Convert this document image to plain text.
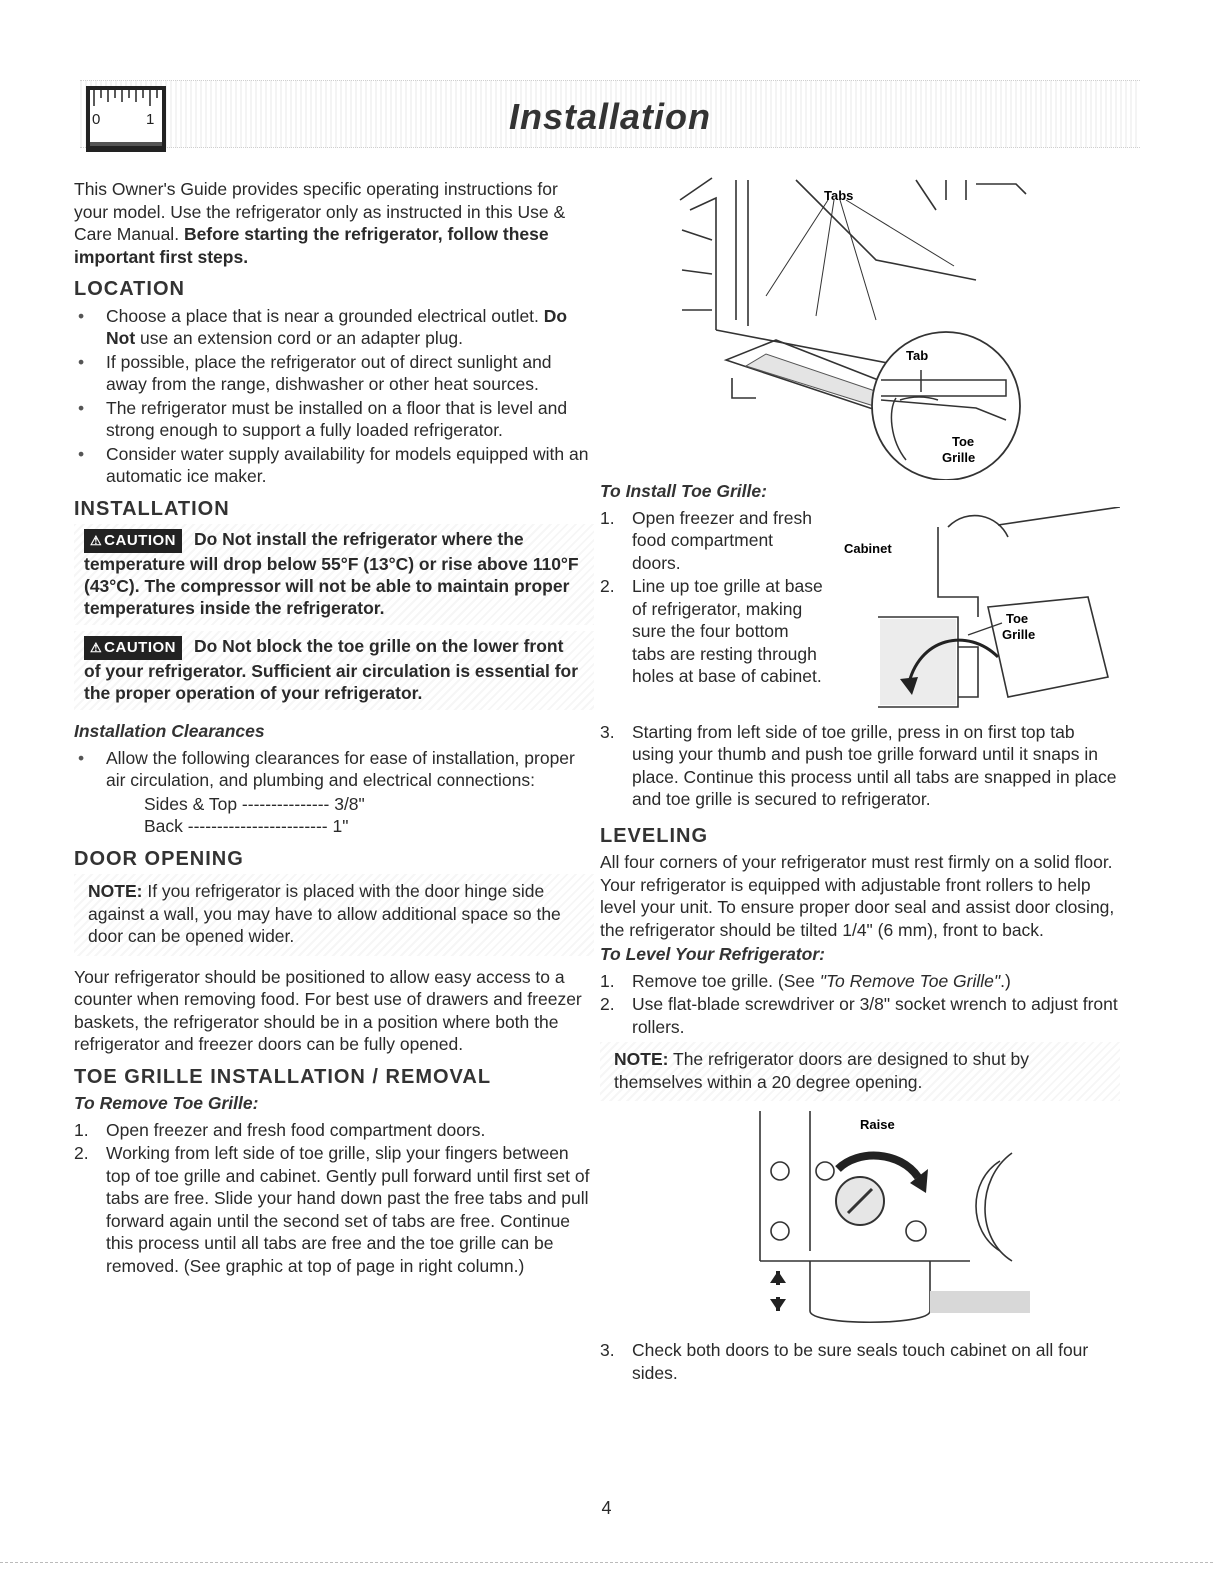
0	1	Installation

This Owner's Guide provides specific operating instructions for your model. Use the refrigerator only as instructed in this Use & Care Manual. Before starting the refrigerator, follow these important first steps.

LOCATION
• Choose a place that is near a grounded electrical outlet. Do Not use an extension cord or an adapter plug.
• If possible, place the refrigerator out of direct sunlight and away from the range, dishwasher or other heat sources.
• The refrigerator must be installed on a floor that is level and strong enough to support a fully loaded refrigerator.
• Consider water supply availability for models equipped with an automatic ice maker.
INSTALLATION
⚠ CAUTION Do Not install the refrigerator where the temperature will drop below 55°F (13°C) or rise above 110°F (43°C). The compressor will not be able to maintain proper temperatures inside the refrigerator.
⚠ CAUTION Do Not block the toe grille on the lower front of your refrigerator. Sufficient air circulation is essential for the proper operation of your refrigerator.
Installation Clearances
• Allow the following clearances for ease of installation, proper air circulation, and plumbing and electrical connections:
Sides & Top --------------- 3/8"
Back ------------------------ 1"
DOOR OPENING
NOTE: If you refrigerator is placed with the door hinge side against a wall, you may have to allow additional space so the door can be opened wider.

Your refrigerator should be positioned to allow easy access to a counter when removing food. For best use of drawers and freezer baskets, the refrigerator should be in a position where both the refrigerator and freezer doors can be fully opened.

TOE GRILLE INSTALLATION / REMOVAL
To Remove Toe Grille:
1. Open freezer and fresh food compartment doors.
2. Working from left side of toe grille, slip your fingers between top of toe grille and cabinet. Gently pull forward until first set of tabs are free. Slide your hand down past the free tabs and pull forward again until the second set of tabs are free. Continue this process until all tabs are free and the toe grille can be removed. (See graphic at top of page in right column.)
Tabs
Tab
Toe
Grille
To Install Toe Grille:
1. Open freezer and fresh food compartment doors.
2. Line up toe grille at base of refrigerator, making sure the four bottom tabs are resting through holes at base of cabinet.
Cabinet
Toe
Grille
3. Starting from left side of toe grille, press in on first top tab using your thumb and push toe grille forward until it snaps in place. Continue this process until all tabs are snapped in place and toe grille is secured to refrigerator.
LEVELING

All four corners of your refrigerator must rest firmly on a solid floor. Your refrigerator is equipped with adjustable front rollers to help level your unit. To ensure proper door seal and assist door closing, the refrigerator should be tilted 1/4" (6 mm), front to back.

To Level Your Refrigerator:
1. Remove toe grille. (See "To Remove Toe Grille".)
2. Use flat-blade screwdriver or 3/8" socket wrench to adjust front rollers.
NOTE: The refrigerator doors are designed to shut by themselves within a 20 degree opening.
Raise
3. Check both doors to be sure seals touch cabinet on all four sides.
4
